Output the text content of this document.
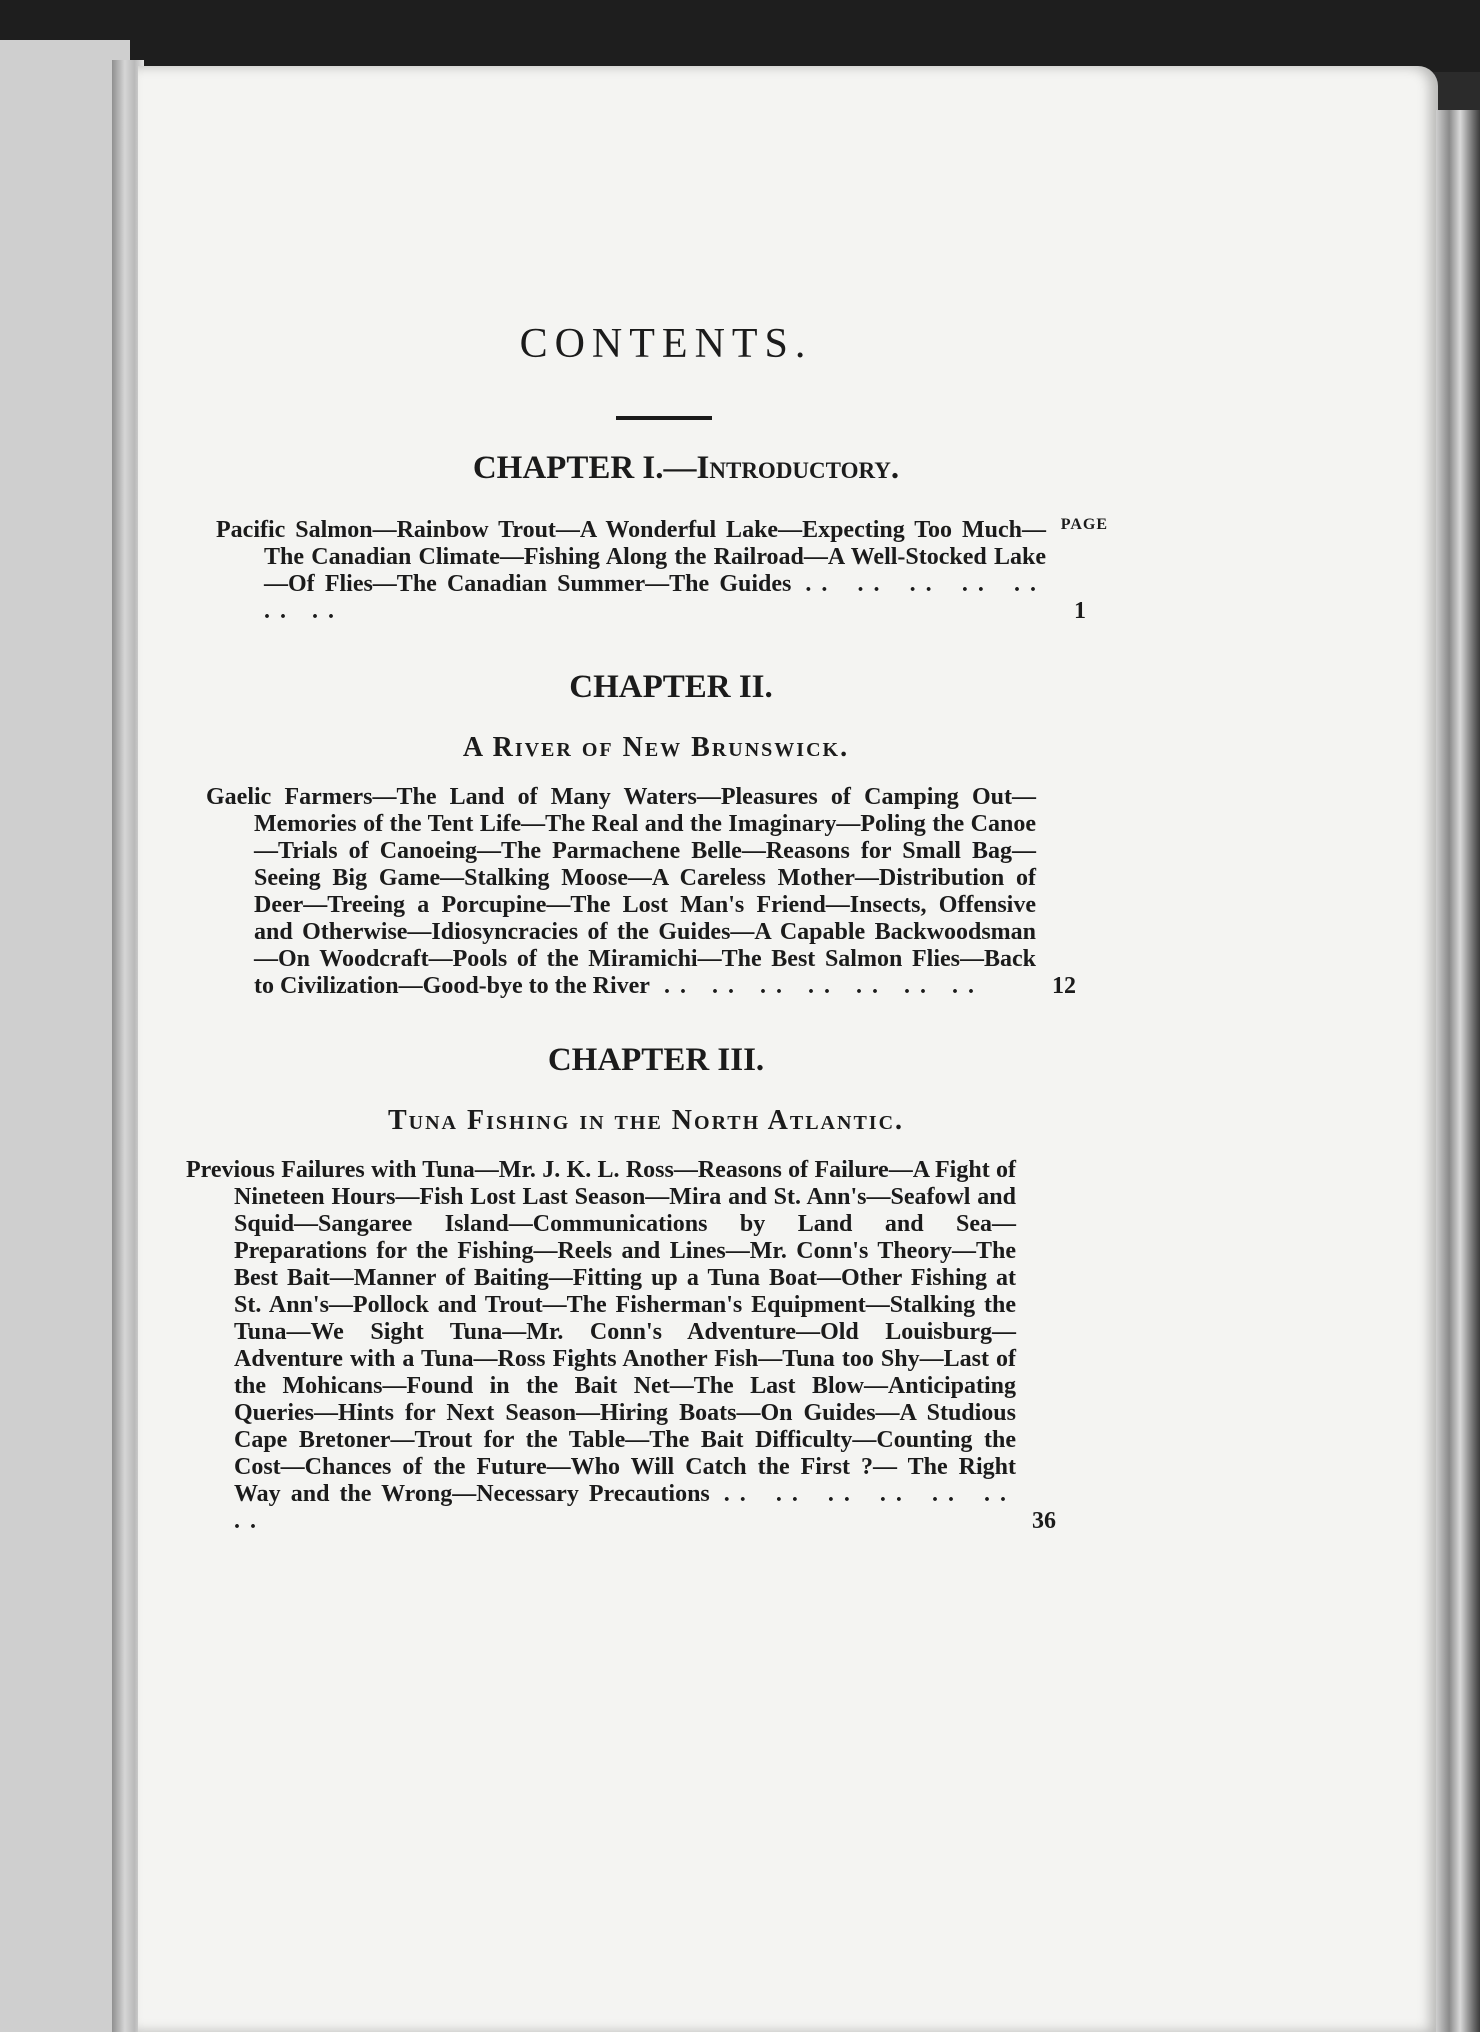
CONTENTS.
CHAPTER I.—Introductory.
PAGE
Pacific Salmon—Rainbow Trout—A Wonderful Lake—Expecting Too Much—The Canadian Climate—Fishing Along the Railroad—A Well-Stocked Lake—Of Flies—The Canadian Summer—The Guides .. .. .. .. .. .. ..	1
CHAPTER II.
A River of New Brunswick.
Gaelic Farmers—The Land of Many Waters—Pleasures of Camping Out—Memories of the Tent Life—The Real and the Imaginary—Poling the Canoe—Trials of Canoeing—The Parmachene Belle—Reasons for Small Bag—Seeing Big Game—Stalking Moose—A Careless Mother—Distribution of Deer—Treeing a Porcupine—The Lost Man's Friend—Insects, Offensive and Otherwise—Idiosyncracies of the Guides—A Capable Backwoodsman—On Woodcraft—Pools of the Miramichi—The Best Salmon Flies—Back to Civilization—Good-bye to the River .. .. .. .. .. .. ..	12
CHAPTER III.
Tuna Fishing in the North Atlantic.
Previous Failures with Tuna—Mr. J. K. L. Ross—Reasons of Failure—A Fight of Nineteen Hours—Fish Lost Last Season—Mira and St. Ann's—Seafowl and Squid—Sangaree Island—Communications by Land and Sea—Preparations for the Fishing—Reels and Lines—Mr. Conn's Theory—The Best Bait—Manner of Baiting—Fitting up a Tuna Boat—Other Fishing at St. Ann's—Pollock and Trout—The Fisherman's Equipment—Stalking the Tuna—We Sight Tuna—Mr. Conn's Adventure—Old Louisburg—Adventure with a Tuna—Ross Fights Another Fish—Tuna too Shy—Last of the Mohicans—Found in the Bait Net—The Last Blow—Anticipating Queries—Hints for Next Season—Hiring Boats—On Guides—A Studious Cape Bretoner—Trout for the Table—The Bait Difficulty—Counting the Cost—Chances of the Future—Who Will Catch the First ?— The Right Way and the Wrong—Necessary Precautions .. .. .. .. .. .. ..	36
